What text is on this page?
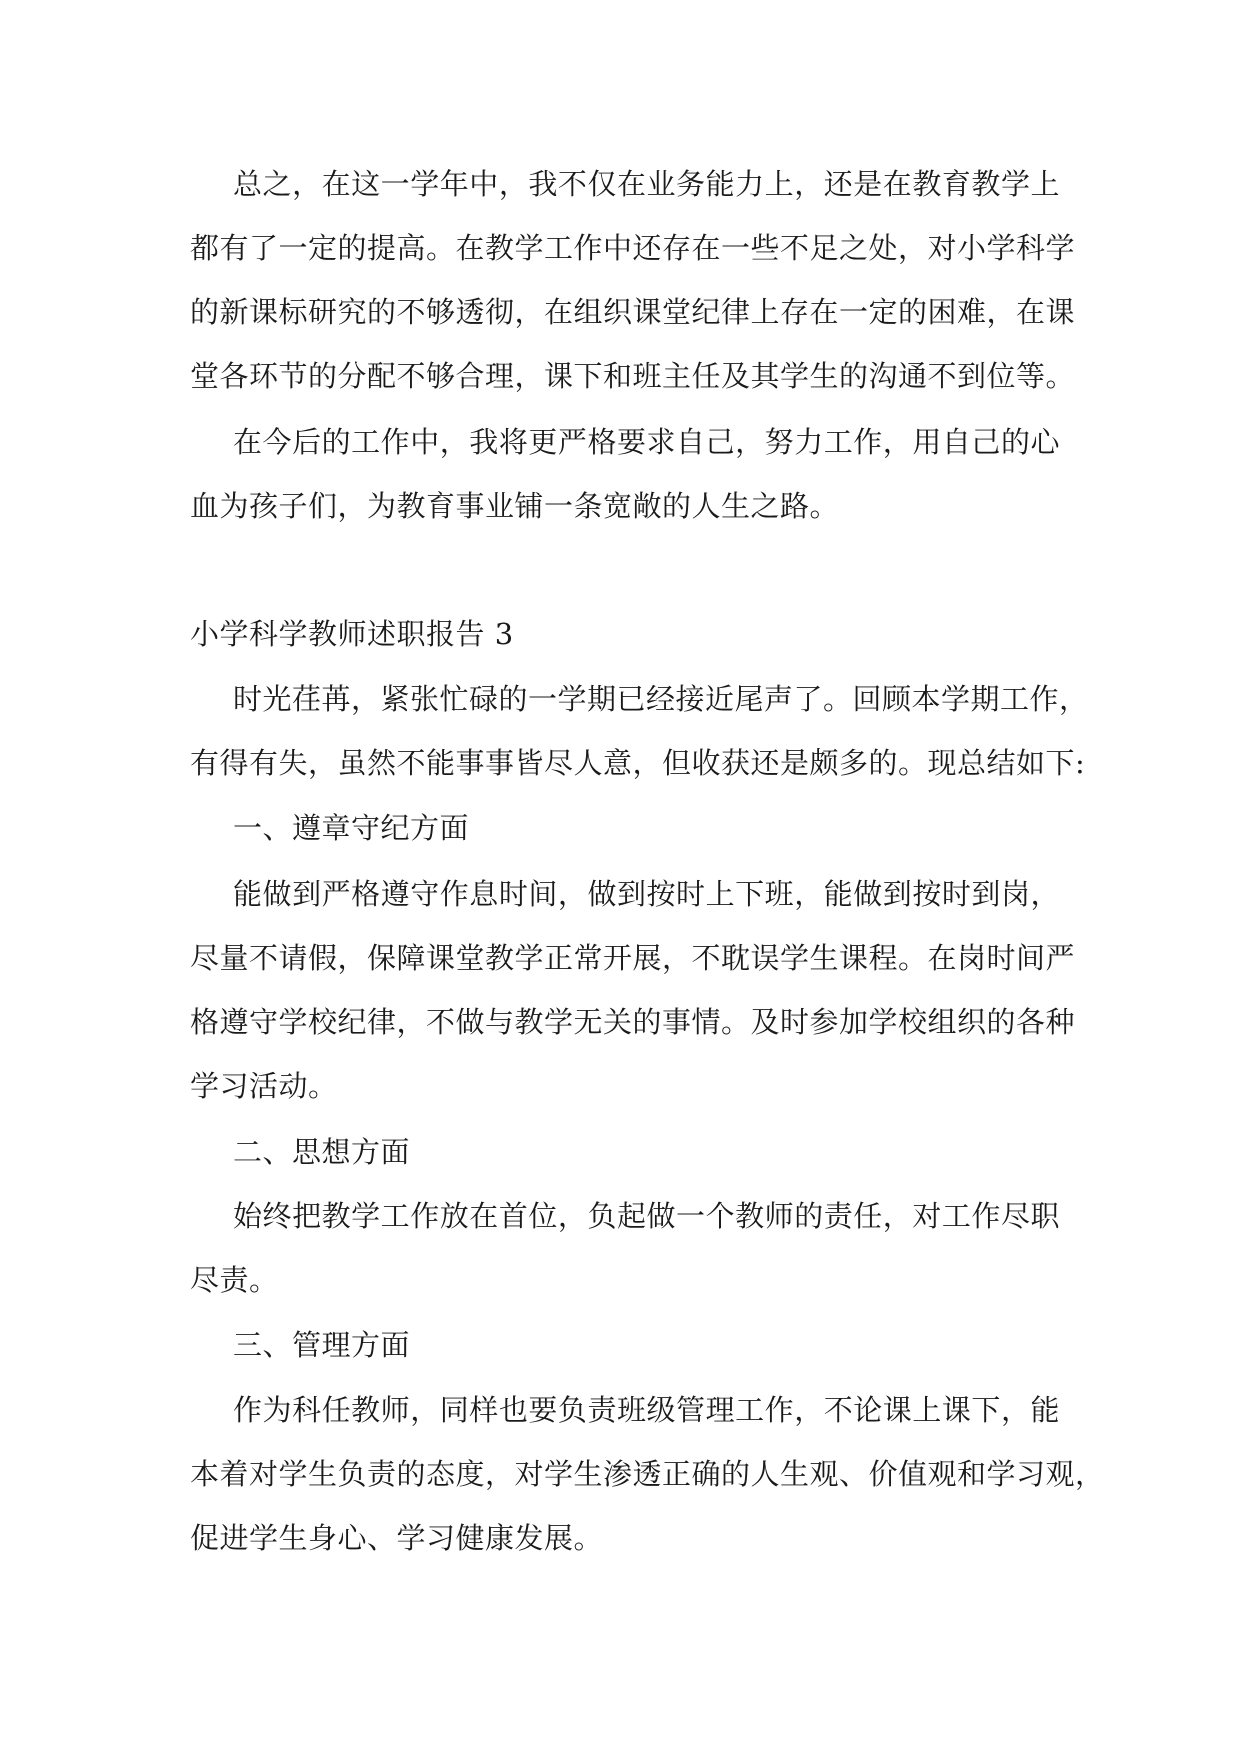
总之，在这一学年中，我不仅在业务能力上，还是在教育教学上
都有了一定的提高。在教学工作中还存在一些不足之处，对小学科学
的新课标研究的不够透彻，在组织课堂纪律上存在一定的困难，在课
堂各环节的分配不够合理，课下和班主任及其学生的沟通不到位等。
在今后的工作中，我将更严格要求自己，努力工作，用自己的心
血为孩子们，为教育事业铺一条宽敞的人生之路。
小学科学教师述职报告 3
时光荏苒，紧张忙碌的一学期已经接近尾声了。回顾本学期工作，
有得有失，虽然不能事事皆尽人意，但收获还是颇多的。现总结如下:
一、遵章守纪方面
能做到严格遵守作息时间，做到按时上下班，能做到按时到岗，
尽量不请假，保障课堂教学正常开展，不耽误学生课程。在岗时间严
格遵守学校纪律，不做与教学无关的事情。及时参加学校组织的各种
学习活动。
二、思想方面
始终把教学工作放在首位，负起做一个教师的责任，对工作尽职
尽责。
三、管理方面
作为科任教师，同样也要负责班级管理工作，不论课上课下，能
本着对学生负责的态度，对学生渗透正确的人生观、价值观和学习观，
促进学生身心、学习健康发展。
